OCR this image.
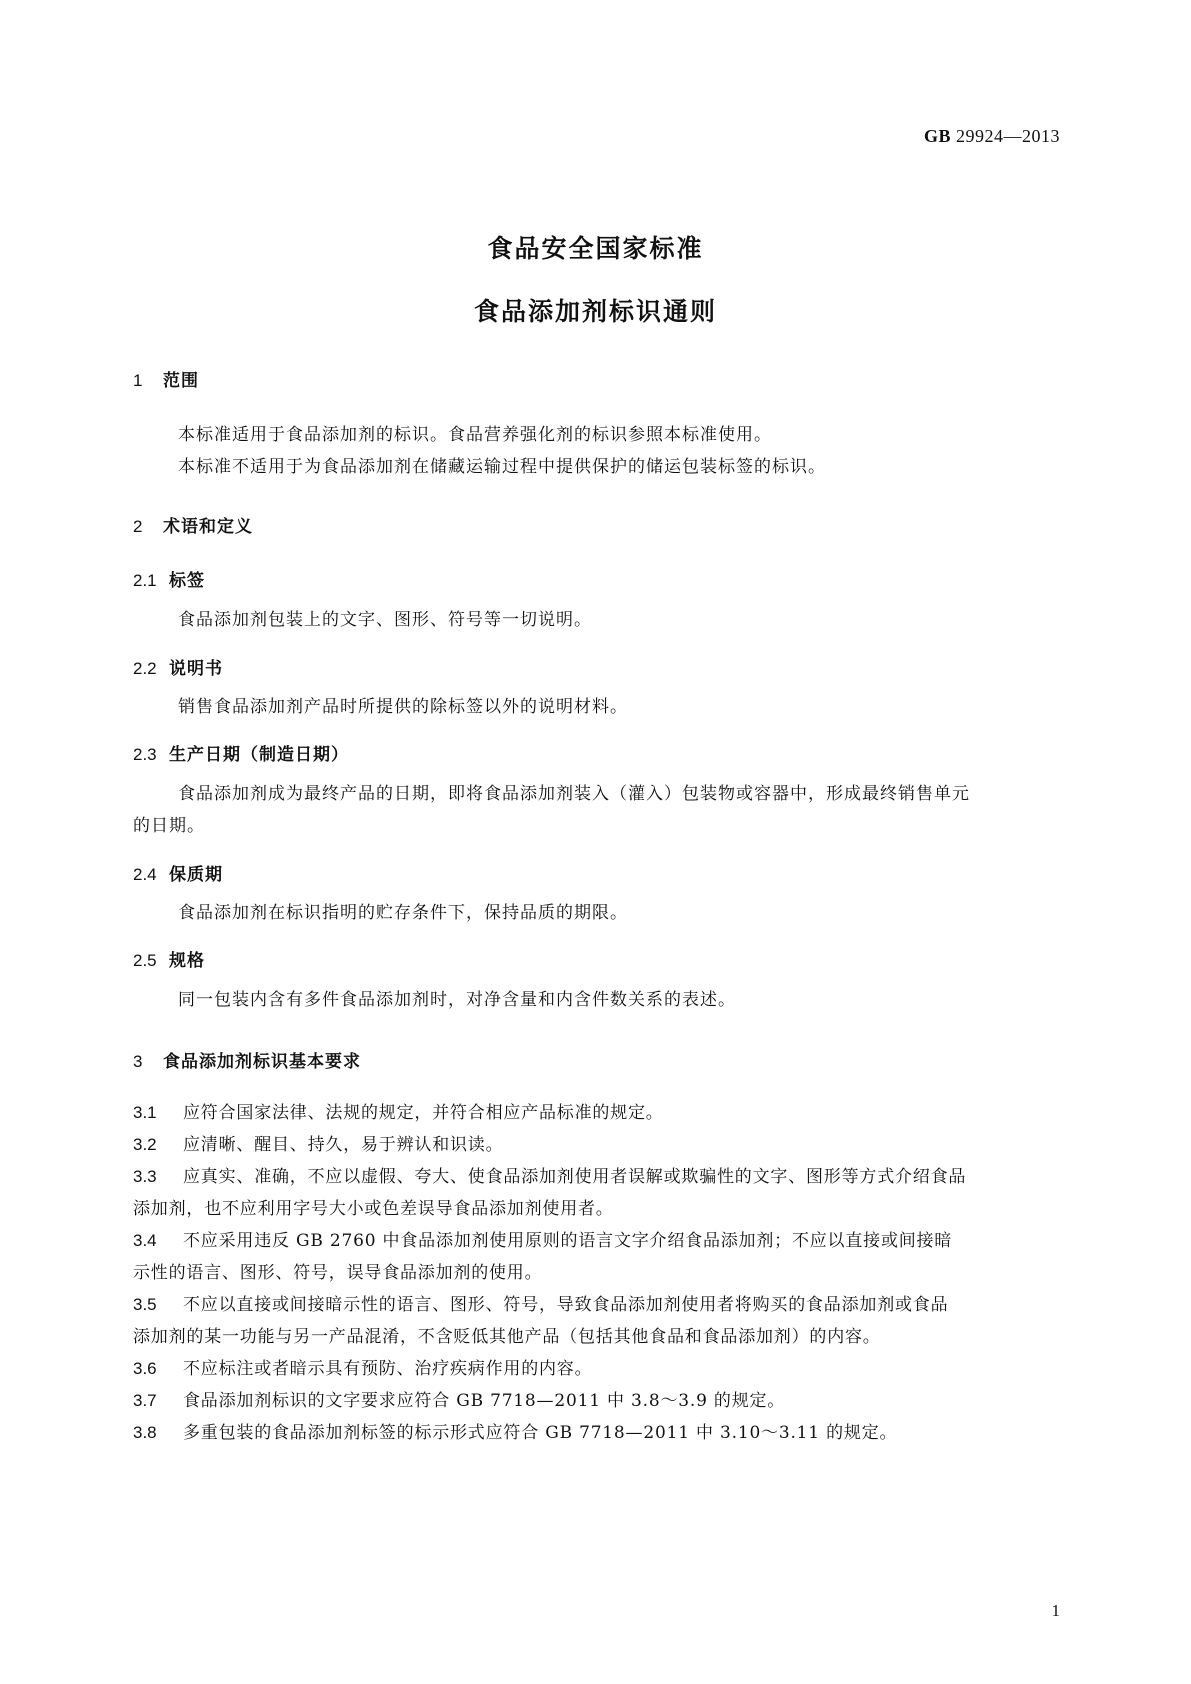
GB 29924—2013
食品安全国家标准
食品添加剂标识通则
1 范围
本标准适用于食品添加剂的标识。食品营养强化剂的标识参照本标准使用。
本标准不适用于为食品添加剂在储藏运输过程中提供保护的储运包装标签的标识。
2 术语和定义
2.1 标签
食品添加剂包装上的文字、图形、符号等一切说明。
2.2 说明书
销售食品添加剂产品时所提供的除标签以外的说明材料。
2.3 生产日期（制造日期）
食品添加剂成为最终产品的日期，即将食品添加剂装入（灌入）包装物或容器中，形成最终销售单元
的日期。
2.4 保质期
食品添加剂在标识指明的贮存条件下，保持品质的期限。
2.5 规格
同一包装内含有多件食品添加剂时，对净含量和内含件数关系的表述。
3 食品添加剂标识基本要求
3.1 应符合国家法律、法规的规定，并符合相应产品标准的规定。
3.2 应清晰、醒目、持久，易于辨认和识读。
3.3 应真实、准确，不应以虚假、夸大、使食品添加剂使用者误解或欺骗性的文字、图形等方式介绍食品
添加剂，也不应利用字号大小或色差误导食品添加剂使用者。
3.4 不应采用违反 GB 2760 中食品添加剂使用原则的语言文字介绍食品添加剂；不应以直接或间接暗
示性的语言、图形、符号，误导食品添加剂的使用。
3.5 不应以直接或间接暗示性的语言、图形、符号，导致食品添加剂使用者将购买的食品添加剂或食品
添加剂的某一功能与另一产品混淆，不含贬低其他产品（包括其他食品和食品添加剂）的内容。
3.6 不应标注或者暗示具有预防、治疗疾病作用的内容。
3.7 食品添加剂标识的文字要求应符合 GB 7718—2011 中 3.8～3.9 的规定。
3.8 多重包装的食品添加剂标签的标示形式应符合 GB 7718—2011 中 3.10～3.11 的规定。
1
